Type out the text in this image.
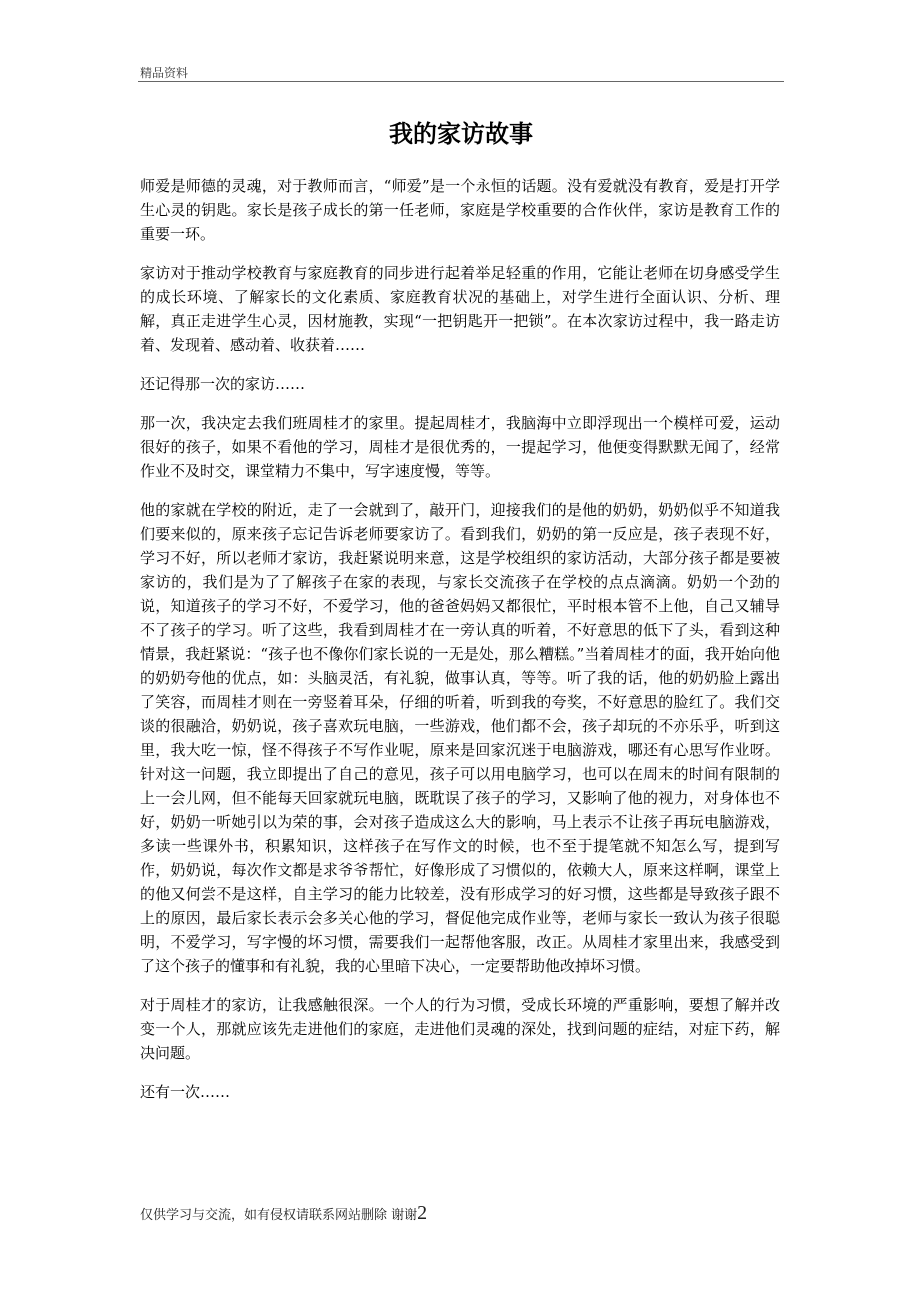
精品资料
我的家访故事

师爱是师德的灵魂，对于教师而言，“师爱”是一个永恒的话题。没有爱就没有教育，爱是打开学生心灵的钥匙。家长是孩子成长的第一任老师，家庭是学校重要的合作伙伴，家访是教育工作的重要一环。

家访对于推动学校教育与家庭教育的同步进行起着举足轻重的作用，它能让老师在切身感受学生的成长环境、了解家长的文化素质、家庭教育状况的基础上，对学生进行全面认识、分析、理解，真正走进学生心灵，因材施教，实现“一把钥匙开一把锁”。在本次家访过程中，我一路走访着、发现着、感动着、收获着……

还记得那一次的家访……

那一次，我决定去我们班周桂才的家里。提起周桂才，我脑海中立即浮现出一个模样可爱，运动很好的孩子，如果不看他的学习，周桂才是很优秀的，一提起学习，他便变得默默无闻了，经常作业不及时交，课堂精力不集中，写字速度慢，等等。

他的家就在学校的附近，走了一会就到了，敲开门，迎接我们的是他的奶奶，奶奶似乎不知道我们要来似的，原来孩子忘记告诉老师要家访了。看到我们，奶奶的第一反应是，孩子表现不好，学习不好，所以老师才家访，我赶紧说明来意，这是学校组织的家访活动，大部分孩子都是要被家访的，我们是为了了解孩子在家的表现，与家长交流孩子在学校的点点滴滴。奶奶一个劲的说，知道孩子的学习不好，不爱学习，他的爸爸妈妈又都很忙，平时根本管不上他，自己又辅导不了孩子的学习。听了这些，我看到周桂才在一旁认真的听着，不好意思的低下了头，看到这种情景，我赶紧说：“孩子也不像你们家长说的一无是处，那么糟糕。”当着周桂才的面，我开始向他的奶奶夸他的优点，如：头脑灵活，有礼貌，做事认真，等等。听了我的话，他的奶奶脸上露出了笑容，而周桂才则在一旁竖着耳朵，仔细的听着，听到我的夸奖，不好意思的脸红了。我们交谈的很融洽，奶奶说，孩子喜欢玩电脑，一些游戏，他们都不会，孩子却玩的不亦乐乎，听到这里，我大吃一惊，怪不得孩子不写作业呢，原来是回家沉迷于电脑游戏，哪还有心思写作业呀。针对这一问题，我立即提出了自己的意见，孩子可以用电脑学习，也可以在周末的时间有限制的上一会儿网，但不能每天回家就玩电脑，既耽误了孩子的学习，又影响了他的视力，对身体也不好，奶奶一听她引以为荣的事，会对孩子造成这么大的影响，马上表示不让孩子再玩电脑游戏，多读一些课外书，积累知识，这样孩子在写作文的时候，也不至于提笔就不知怎么写，提到写作，奶奶说，每次作文都是求爷爷帮忙，好像形成了习惯似的，依赖大人，原来这样啊，课堂上的他又何尝不是这样，自主学习的能力比较差，没有形成学习的好习惯，这些都是导致孩子跟不上的原因，最后家长表示会多关心他的学习，督促他完成作业等，老师与家长一致认为孩子很聪明，不爱学习，写字慢的坏习惯，需要我们一起帮他客服，改正。从周桂才家里出来，我感受到了这个孩子的懂事和有礼貌，我的心里暗下决心，一定要帮助他改掉坏习惯。

对于周桂才的家访，让我感触很深。一个人的行为习惯，受成长环境的严重影响，要想了解并改变一个人，那就应该先走进他们的家庭，走进他们灵魂的深处，找到问题的症结，对症下药，解决问题。

还有一次……

仅供学习与交流，如有侵权请联系网站删除 谢谢2
